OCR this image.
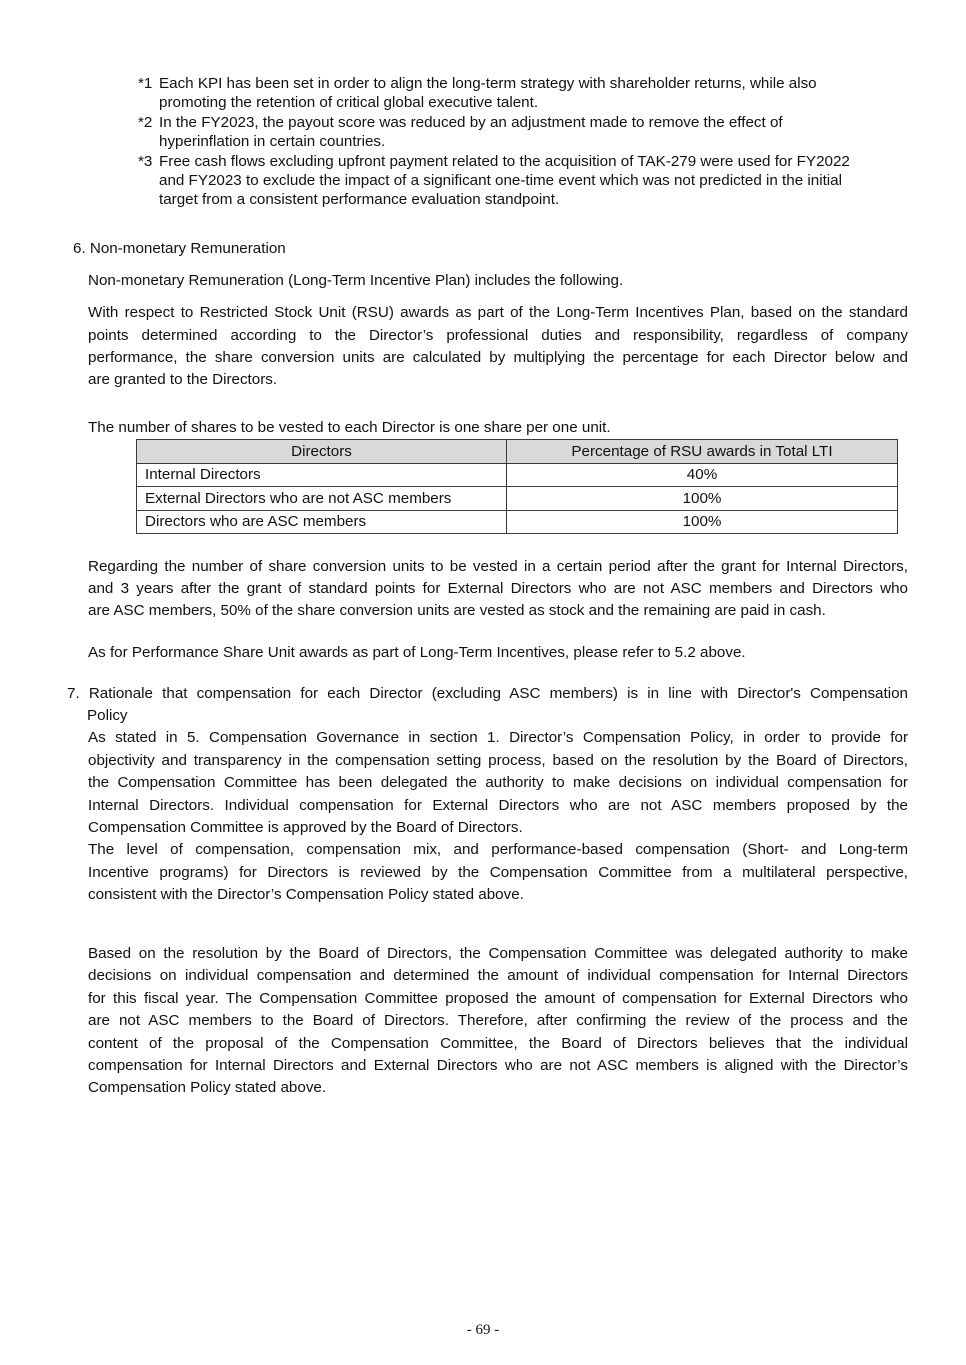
*1 Each KPI has been set in order to align the long-term strategy with shareholder returns, while also
promoting the retention of critical global executive talent.
*2 In the FY2023, the payout score was reduced by an adjustment made to remove the effect of
hyperinflation in certain countries.
*3 Free cash flows excluding upfront payment related to the acquisition of TAK-279 were used for FY2022
and FY2023 to exclude the impact of a significant one-time event which was not predicted in the initial
target from a consistent performance evaluation standpoint.
6. Non-monetary Remuneration
Non-monetary Remuneration (Long-Term Incentive Plan) includes the following.
With respect to Restricted Stock Unit (RSU) awards as part of the Long-Term Incentives Plan, based on the standard
points determined according to the Director’s professional duties and responsibility, regardless of company
performance, the share conversion units are calculated by multiplying the percentage for each Director below and
are granted to the Directors.
The number of shares to be vested to each Director is one share per one unit.
Directors	Percentage of RSU awards in Total LTI
Internal Directors	40%
External Directors who are not ASC members	100%
Directors who are ASC members	100%
Regarding the number of share conversion units to be vested in a certain period after the grant for Internal Directors,
and 3 years after the grant of standard points for External Directors who are not ASC members and Directors who
are ASC members, 50% of the share conversion units are vested as stock and the remaining are paid in cash.
As for Performance Share Unit awards as part of Long-Term Incentives, please refer to 5.2 above.
7. Rationale that compensation for each Director (excluding ASC members) is in line with Director's Compensation
Policy
As stated in 5. Compensation Governance in section 1. Director’s Compensation Policy, in order to provide for
objectivity and transparency in the compensation setting process, based on the resolution by the Board of Directors,
the Compensation Committee has been delegated the authority to make decisions on individual compensation for
Internal Directors. Individual compensation for External Directors who are not ASC members proposed by the
Compensation Committee is approved by the Board of Directors.
The level of compensation, compensation mix, and performance-based compensation (Short- and Long-term
Incentive programs) for Directors is reviewed by the Compensation Committee from a multilateral perspective,
consistent with the Director’s Compensation Policy stated above.
Based on the resolution by the Board of Directors, the Compensation Committee was delegated authority to make
decisions on individual compensation and determined the amount of individual compensation for Internal Directors
for this fiscal year. The Compensation Committee proposed the amount of compensation for External Directors who
are not ASC members to the Board of Directors. Therefore, after confirming the review of the process and the
content of the proposal of the Compensation Committee, the Board of Directors believes that the individual
compensation for Internal Directors and External Directors who are not ASC members is aligned with the Director’s
Compensation Policy stated above.
- 69 -
